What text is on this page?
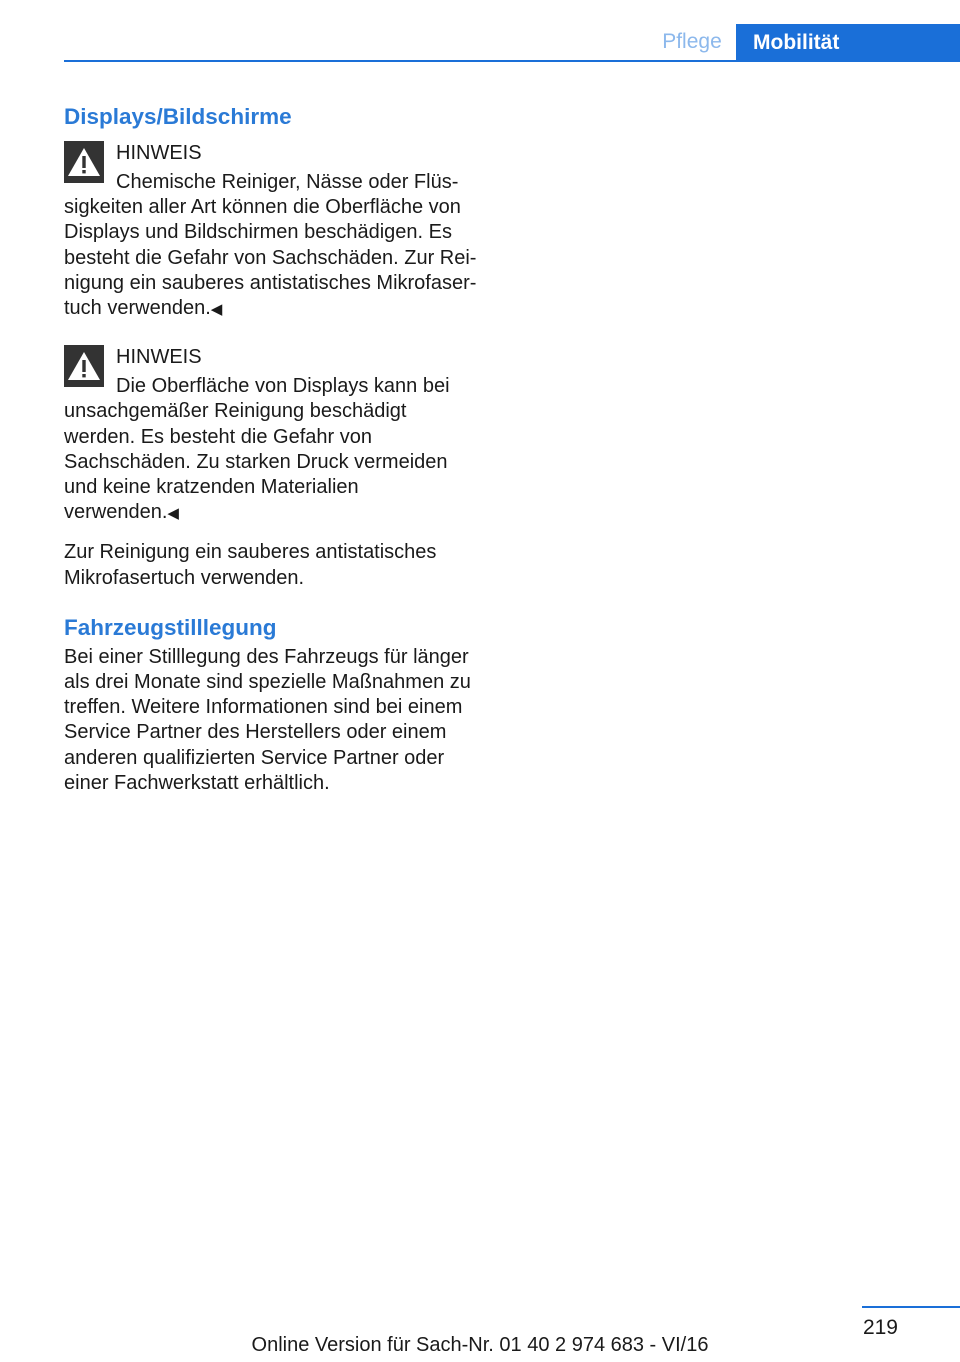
Pflege	Mobilität
Displays/Bildschirme
HINWEIS

Chemische Reiniger, Nässe oder Flüssigkeiten aller Art können die Oberfläche von Displays und Bildschirmen beschädigen. Es besteht die Gefahr von Sachschäden. Zur Reinigung ein sauberes antistatisches Mikrofasertuch verwenden.◀

HINWEIS

Die Oberfläche von Displays kann bei unsachgemäßer Reinigung beschädigt werden. Es besteht die Gefahr von Sachschäden. Zu starken Druck vermeiden und keine kratzenden Materialien verwenden.◀

Zur Reinigung ein sauberes antistatisches Mikrofasertuch verwenden.

Fahrzeugstilllegung

Bei einer Stilllegung des Fahrzeugs für länger als drei Monate sind spezielle Maßnahmen zu treffen. Weitere Informationen sind bei einem Service Partner des Herstellers oder einem anderen qualifizierten Service Partner oder einer Fachwerkstatt erhältlich.

219
Online Version für Sach-Nr. 01 40 2 974 683 - VI/16
